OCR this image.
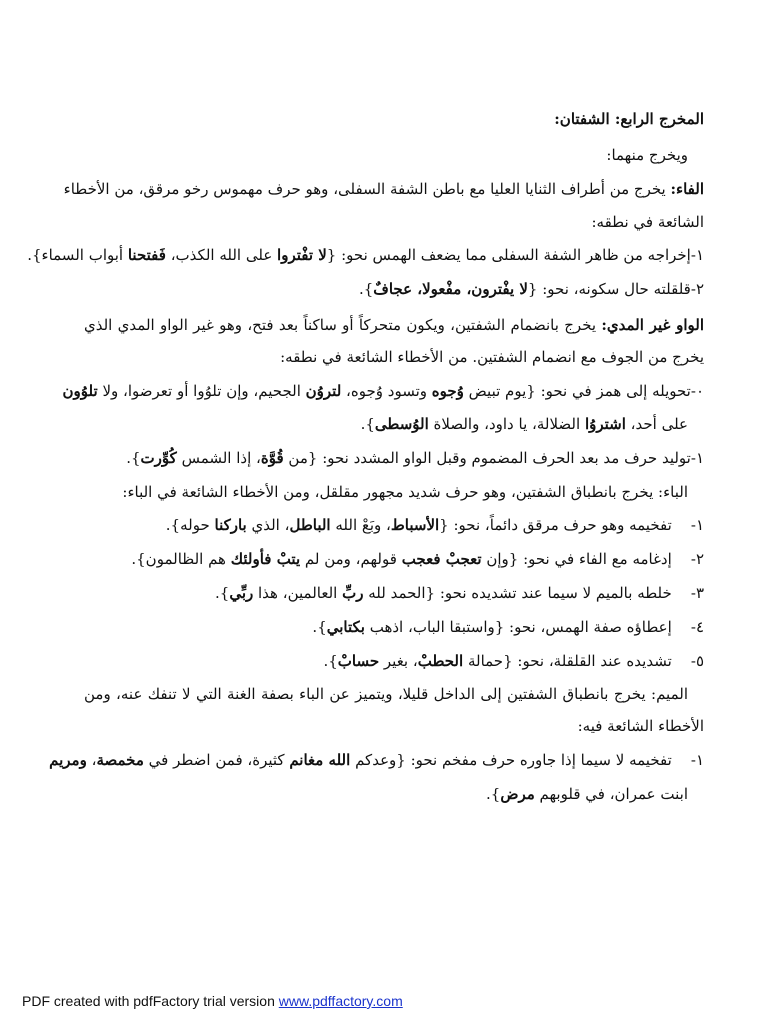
المخرج الرابع: الشفتان:
ويخرج منهما:
الفاء: يخرج من أطراف الثنايا العليا مع باطن الشفة السفلى، وهو حرف مهموس رخو مرقق، من الأخطاء
الشائعة في نطقه:
١-إخراجه من ظاهر الشفة السفلى مما يضعف الهمس نحو: {لا تفْتروا على الله الكذب، فَفتحنا أبواب السماء}.
٢-قلقلته حال سكونه، نحو: {لا يفْترون، مفْعولا، عجافٌ}.
الواو غير المدي: يخرج بانضمام الشفتين، ويكون متحركاً أو ساكناً بعد فتح، وهو غير الواو المدي الذي
يخرج من الجوف مع انضمام الشفتين. من الأخطاء الشائعة في نطقه:
٠-تحويله إلى همز في نحو: {يوم تبيض وُجوه وتسود وُجوه، لتروُن الجحيم، وإن تلوُوا أو تعرضوا، ولا تلوُون
على أحد، اشتروُا الضلالة، يا داود، والصلاة الوُسطى}.
١-توليد حرف مد بعد الحرف المضموم وقبل الواو المشدد نحو: {من قُوَّة، إذا الشمس كُوِّرت}.
الباء: يخرج بانطباق الشفتين، وهو حرف شديد مجهور مقلقل، ومن الأخطاء الشائعة في الباء:
١-    تفخيمه وهو حرف مرقق دائماً، نحو: {الأسباط، وبَعْ الله الباطل، الذي باركنا حوله}.
٢-    إدغامه مع الفاء في نحو: {وإن تعجبْ فعجب قولهم، ومن لم يتبْ فأولئك هم الظالمون}.
٣-    خلطه بالميم لا سيما عند تشديده نحو: {الحمد لله ربِّ العالمين، هذا ربِّي}.
٤-    إعطاؤه صفة الهمس، نحو: {واستبقا الباب، اذهب بكتابي}.
٥-    تشديده عند القلقلة، نحو: {حمالة الحطبْ، بغير حسابْ}.
الميم: يخرج بانطباق الشفتين إلى الداخل قليلا، ويتميز عن الباء بصفة الغنة التي لا تنفك عنه، ومن
الأخطاء الشائعة فيه:
١-    تفخيمه لا سيما إذا جاوره حرف مفخم نحو: {وعدكم الله مغانم كثيرة، فمن اضطر في مخمصة، ومريم
ابنت عمران، في قلوبهم مرض}.
PDF created with pdfFactory trial version www.pdffactory.com
